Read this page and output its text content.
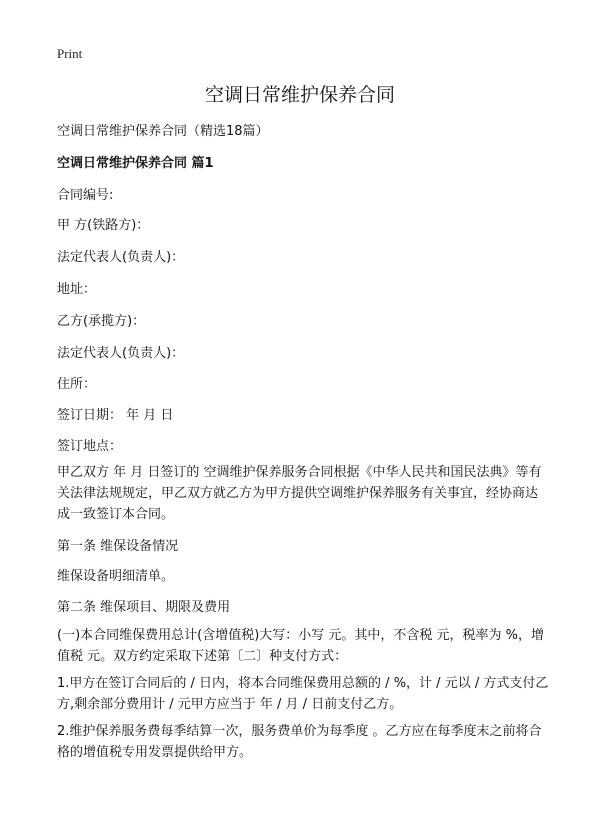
Print
空调日常维护保养合同
空调日常维护保养合同（精选18篇）
空调日常维护保养合同 篇1
合同编号:
甲 方(铁路方)：
法定代表人(负责人)：
地址：
乙方(承揽方)：
法定代表人(负责人)：
住所：
签订日期： 年 月 日
签订地点：

甲乙双方 年 月 日签订的 空调维护保养服务合同根据《中华人民共和国民法典》等有关法律法规规定，甲乙双方就乙方为甲方提供空调维护保养服务有关事宜，经协商达成一致签订本合同。

第一条 维保设备情况
维保设备明细清单。
第二条 维保项目、期限及费用

(一)本合同维保费用总计(含增值税)大写：小写 元。其中，不含税 元，税率为 %，增值税 元。双方约定采取下述第〔二〕种支付方式：

1.甲方在签订合同后的 / 日内，将本合同维保费用总额的 / %，计 / 元以 / 方式支付乙方,剩余部分费用计 / 元甲方应当于 年 / 月 / 日前支付乙方。

2.维护保养服务费每季结算一次，服务费单价为每季度 。乙方应在每季度末之前将合格的增值税专用发票提供给甲方。
